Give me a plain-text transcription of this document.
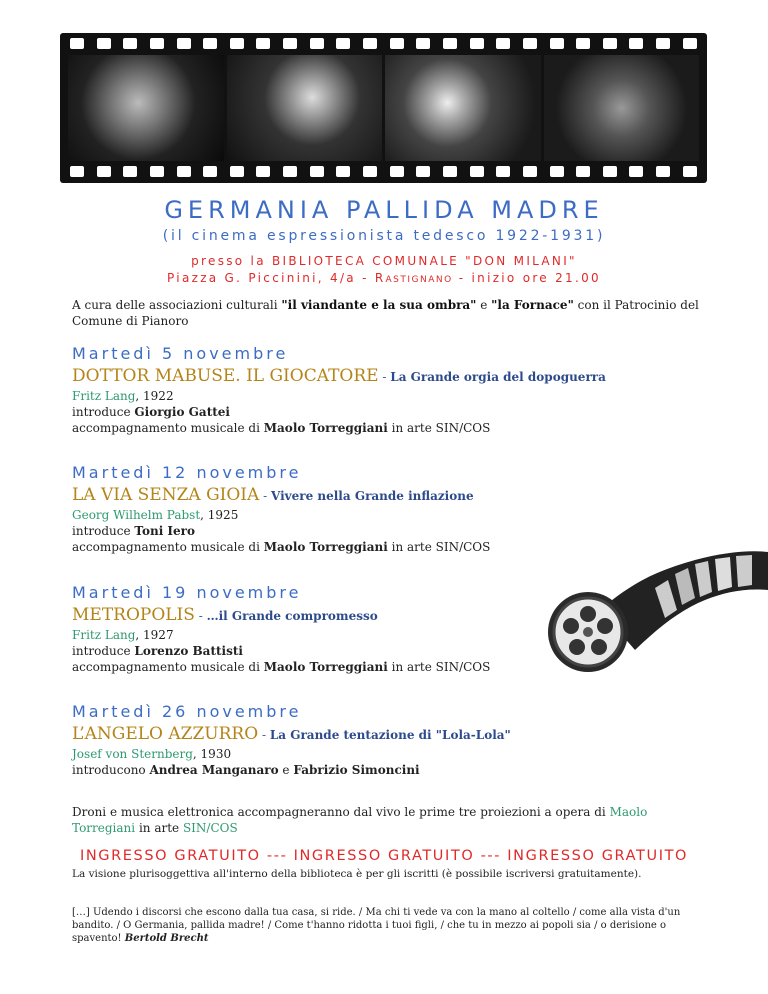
GERMANIA PALLIDA MADRE
(il cinema espressionista tedesco 1922-1931)
presso la BIBLIOTECA COMUNALE "DON MILANI"
Piazza G. Piccinini, 4/a - RASTIGNANO - inizio ore 21.00
A cura delle associazioni culturali "il viandante e la sua ombra" e "la Fornace" con il Patrocinio del Comune di Pianoro
Martedì 5 novembre
DOTTOR MABUSE. IL GIOCATORE - La Grande orgia del dopoguerra
Fritz Lang, 1922
introduce Giorgio Gattei
accompagnamento musicale di Maolo Torreggiani in arte SIN/COS
Martedì 12 novembre
LA VIA SENZA GIOIA - Vivere nella Grande inflazione
Georg Wilhelm Pabst, 1925
introduce Toni Iero
accompagnamento musicale di Maolo Torreggiani in arte SIN/COS
Martedì 19 novembre
METROPOLIS - …il Grande compromesso
Fritz Lang, 1927
introduce Lorenzo Battisti
accompagnamento musicale di Maolo Torreggiani in arte SIN/COS
Martedì 26 novembre
L’ANGELO AZZURRO - La Grande tentazione di "Lola-Lola"
Josef von Sternberg, 1930
introducono Andrea Manganaro e Fabrizio Simoncini
Droni e musica elettronica accompagneranno dal vivo le prime tre proiezioni a opera di Maolo Torregiani in arte SIN/COS
INGRESSO GRATUITO --- INGRESSO GRATUITO --- INGRESSO GRATUITO
La visione plurisoggettiva all'interno della biblioteca è per gli iscritti (è possibile iscriversi gratuitamente).
[…] Udendo i discorsi che escono dalla tua casa, si ride. / Ma chi ti vede va con la mano al coltello / come alla vista d'un bandito. / O Germania, pallida madre! / Come t'hanno ridotta i tuoi figli, / che tu in mezzo ai popoli sia / o derisione o spavento! Bertold Brecht
